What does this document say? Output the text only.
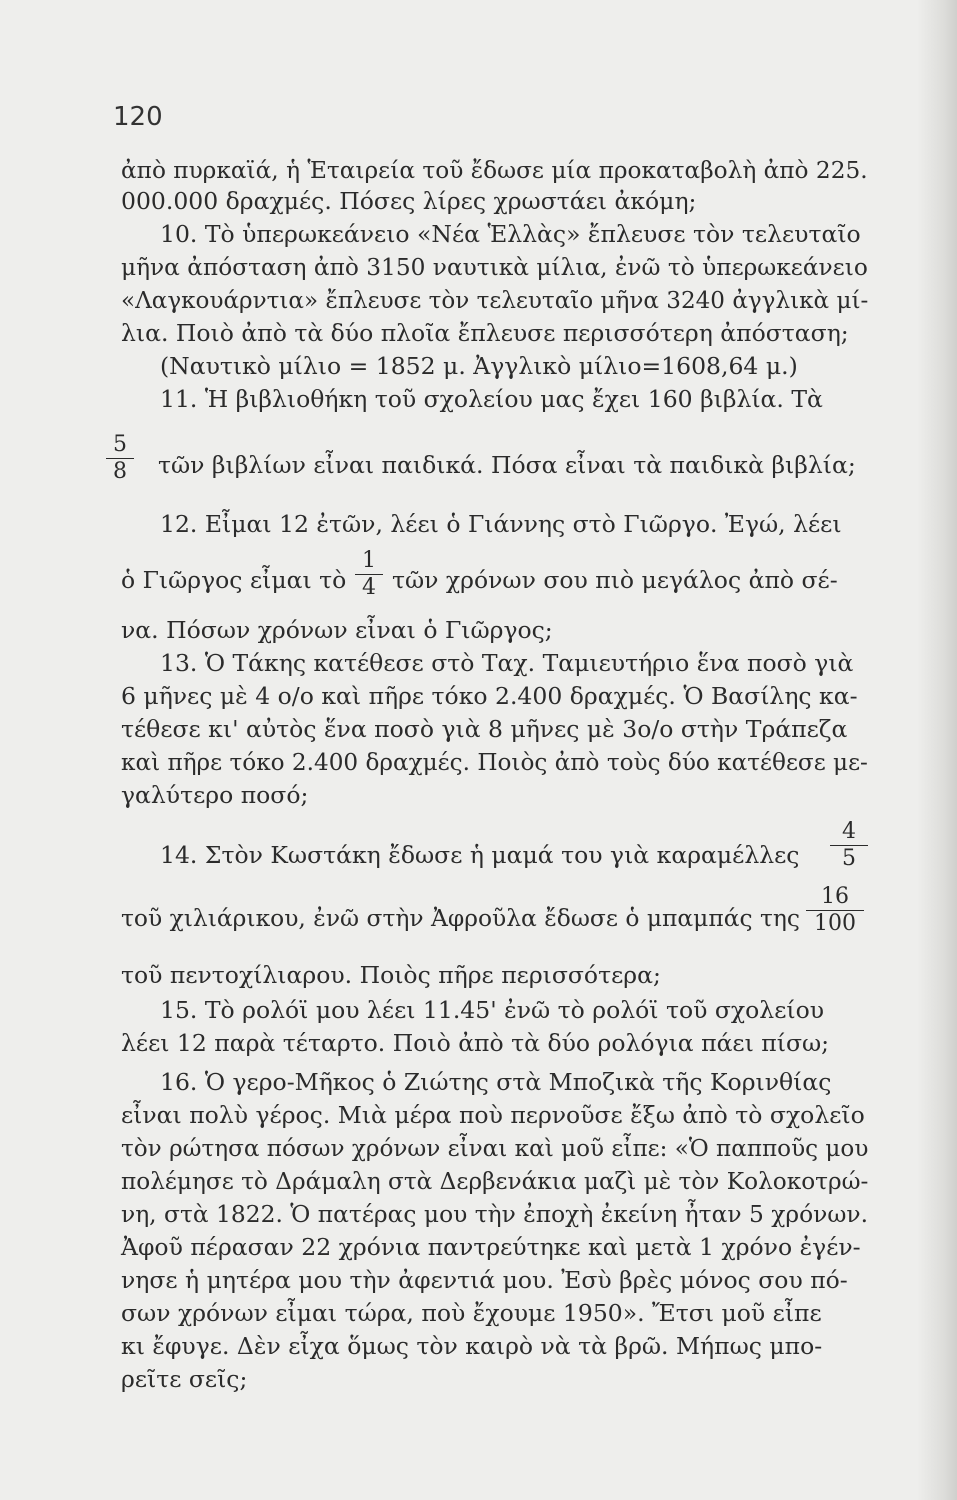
120
ἀπὸ πυρκαϊά, ἡ Ἑταιρεία τοῦ ἔδωσε μία προκαταβολὴ ἀπὸ 225.
000.000 δραχμές. Πόσες λίρες χρωστάει ἀκόμη;
10. Τὸ ὑπερωκεάνειο «Νέα Ἑλλὰς» ἔπλευσε τὸν τελευταῖο
μῆνα ἀπόσταση ἀπὸ 3150 ναυτικὰ μίλια, ἐνῶ τὸ ὑπερωκεάνειο
«Λαγκουάρντια» ἔπλευσε τὸν τελευταῖο μῆνα 3240 ἀγγλικὰ μί-
λια. Ποιὸ ἀπὸ τὰ δύο πλοῖα ἔπλευσε περισσότερη ἀπόσταση;
(Ναυτικὸ μίλιο = 1852 μ. Ἀγγλικὸ μίλιο=1608,64 μ.)
11. Ἡ βιβλιοθήκη τοῦ σχολείου μας ἔχει 160 βιβλία. Τὰ
5
8 τῶν βιβλίων εἶναι παιδικά. Πόσα εἶναι τὰ παιδικὰ βιβλία;
12. Εἶμαι 12 ἐτῶν, λέει ὁ Γιάννης στὸ Γιῶργο. Ἐγώ, λέει
ὁ Γιῶργος εἶμαι τὸ
1
4 τῶν χρόνων σου πιὸ μεγάλος ἀπὸ σέ-
να. Πόσων χρόνων εἶναι ὁ Γιῶργος;
13. Ὁ Τάκης κατέθεσε στὸ Ταχ. Ταμιευτήριο ἕνα ποσὸ γιὰ
6 μῆνες μὲ 4 ο/ο καὶ πῆρε τόκο 2.400 δραχμές. Ὁ Βασίλης κα-
τέθεσε κι' αὐτὸς ἕνα ποσὸ γιὰ 8 μῆνες μὲ 3ο/ο στὴν Τράπεζα
καὶ πῆρε τόκο 2.400 δραχμές. Ποιὸς ἀπὸ τοὺς δύο κατέθεσε με-
γαλύτερο ποσό;
14. Στὸν Κωστάκη ἔδωσε ἡ μαμά του γιὰ καραμέλλες
4
5
τοῦ χιλιάρικου, ἐνῶ στὴν Ἀφροῦλα ἔδωσε ὁ μπαμπάς της
16
100
τοῦ πεντοχίλιαρου. Ποιὸς πῆρε περισσότερα;
15. Τὸ ρολόϊ μου λέει 11.45' ἐνῶ τὸ ρολόϊ τοῦ σχολείου
λέει 12 παρὰ τέταρτο. Ποιὸ ἀπὸ τὰ δύο ρολόγια πάει πίσω;
16. Ὁ γερο-Μῆκος ὁ Ζιώτης στὰ Μποζικὰ τῆς Κορινθίας
εἶναι πολὺ γέρος. Μιὰ μέρα ποὺ περνοῦσε ἔξω ἀπὸ τὸ σχολεῖο
τὸν ρώτησα πόσων χρόνων εἶναι καὶ μοῦ εἶπε: «Ὁ παπποῦς μου
πολέμησε τὸ Δράμαλη στὰ Δερβενάκια μαζὶ μὲ τὸν Κολοκοτρώ-
νη, στὰ 1822. Ὁ πατέρας μου τὴν ἐποχὴ ἐκείνη ἦταν 5 χρόνων.
Ἀφοῦ πέρασαν 22 χρόνια παντρεύτηκε καὶ μετὰ 1 χρόνο ἐγέν-
νησε ἡ μητέρα μου τὴν ἀφεντιά μου. Ἐσὺ βρὲς μόνος σου πό-
σων χρόνων εἶμαι τώρα, ποὺ ἔχουμε 1950». Ἔτσι μοῦ εἶπε
κι ἔφυγε. Δὲν εἶχα ὅμως τὸν καιρὸ νὰ τὰ βρῶ. Μήπως μπο-
ρεῖτε σεῖς;
